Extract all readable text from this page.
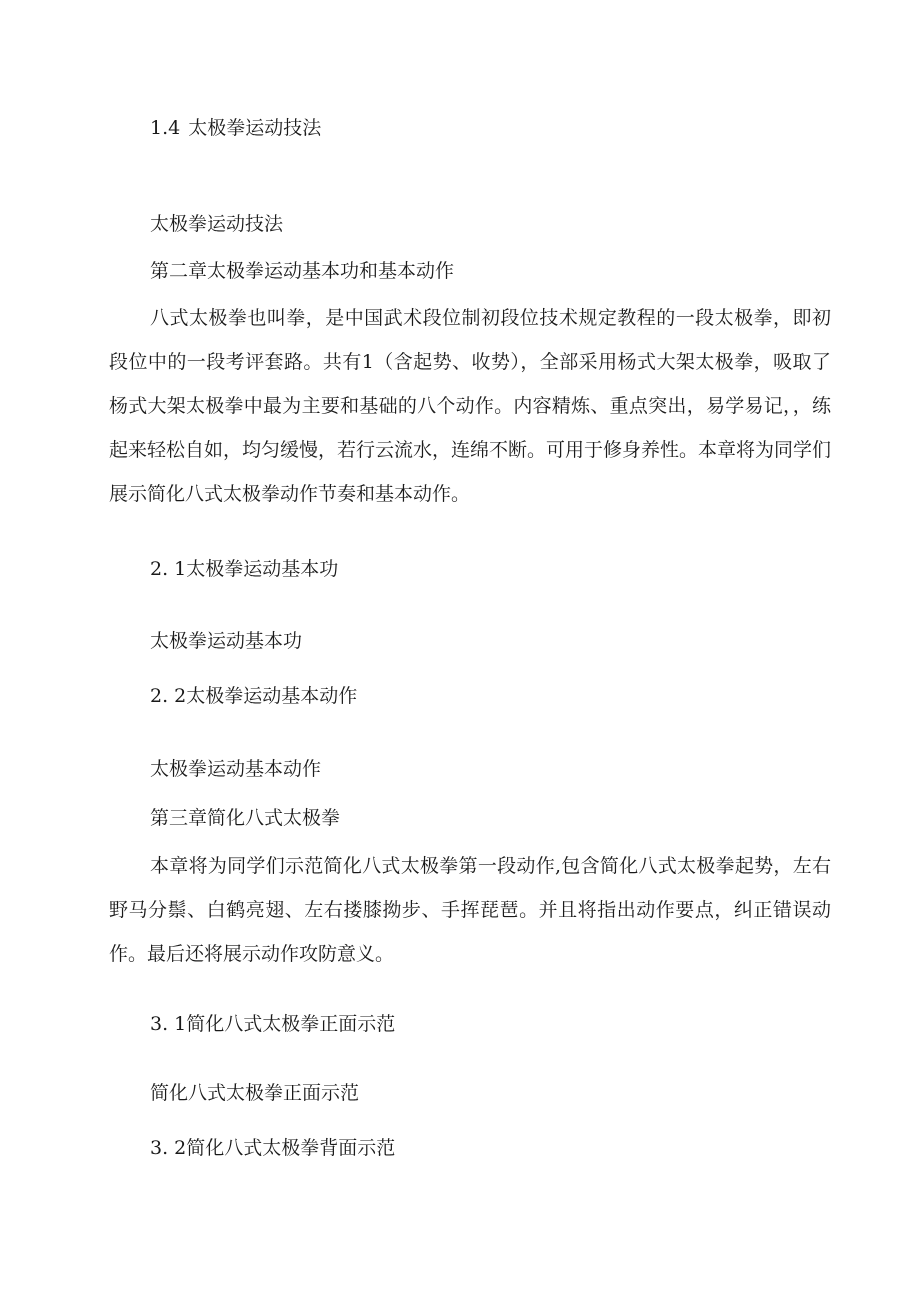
1.4 太极拳运动技法

太极拳运动技法

第二章太极拳运动基本功和基本动作

八式太极拳也叫拳，是中国武术段位制初段位技术规定教程的一段太极拳，即初段位中的一段考评套路。共有1（含起势、收势），全部采用杨式大架太极拳，吸取了杨式大架太极拳中最为主要和基础的八个动作。内容精炼、重点突出，易学易记，，练起来轻松自如，均匀缓慢，若行云流水，连绵不断。可用于修身养性。本章将为同学们展示简化八式太极拳动作节奏和基本动作。

2. 1太极拳运动基本功

太极拳运动基本功

2. 2太极拳运动基本动作

太极拳运动基本动作

第三章简化八式太极拳

本章将为同学们示范简化八式太极拳第一段动作,包含简化八式太极拳起势，左右野马分鬃、白鹤亮翅、左右搂膝拗步、手挥琵琶。并且将指出动作要点，纠正错误动作。最后还将展示动作攻防意义。

3. 1简化八式太极拳正面示范

简化八式太极拳正面示范

3. 2简化八式太极拳背面示范
